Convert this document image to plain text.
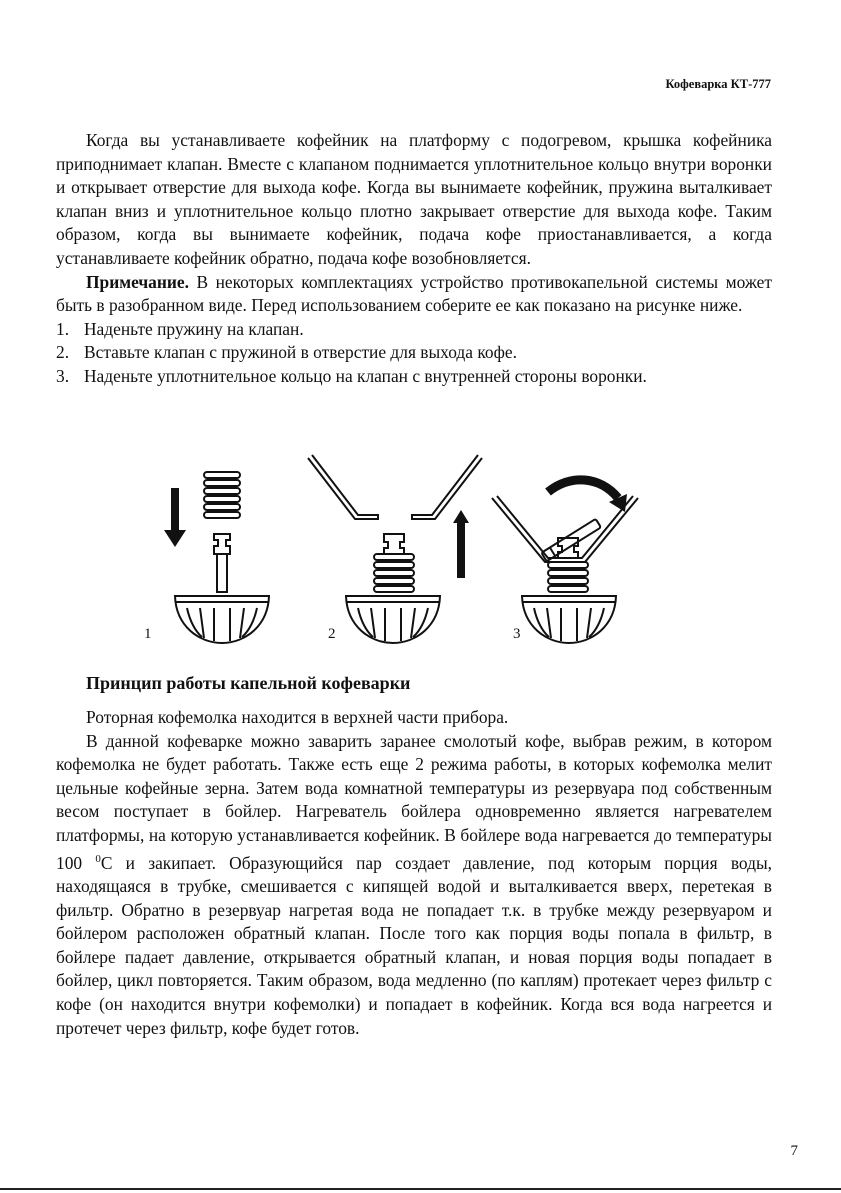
Кофеварка КТ-777

Когда вы устанавливаете кофейник на платформу с подогревом, крышка кофейника приподнимает клапан. Вместе с клапаном поднимается уплотнительное кольцо внутри воронки и открывает отверстие для выхода кофе. Когда вы вынимаете кофейник, пружина выталкивает клапан вниз и уплотнительное кольцо плотно закрывает отверстие для выхода кофе. Таким образом, когда вы вынимаете кофейник, подача кофе приостанавливается, а когда устанавливаете кофейник обратно, подача кофе возобновляется.

Примечание. В некоторых комплектациях устройство противокапельной системы может быть в разобранном виде. Перед использованием соберите ее как показано на рисунке ниже.

1. Наденьте пружину на клапан.
2. Вставьте клапан с пружиной в отверстие для выхода кофе.
3. Наденьте уплотнительное кольцо на клапан с внутренней стороны воронки.
1	2	3
Принцип работы капельной кофеварки

Роторная кофемолка находится в верхней части прибора.

В данной кофеварке можно заварить заранее смолотый кофе, выбрав режим, в котором кофемолка не будет работать. Также есть еще 2 режима работы, в которых кофемолка мелит цельные кофейные зерна. Затем вода комнатной температуры из резервуара под собственным весом поступает в бойлер. Нагреватель бойлера одновременно является нагревателем платформы, на которую устанавливается кофейник. В бойлере вода нагревается до температуры 100 $^0$С и закипает. Образующийся пар создает давление, под которым порция воды, находящаяся в трубке, смешивается с кипящей водой и выталкивается вверх, перетекая в фильтр. Обратно в резервуар нагретая вода не попадает т.к. в трубке между резервуаром и бойлером расположен обратный клапан. После того как порция воды попала в фильтр, в бойлере падает давление, открывается обратный клапан, и новая порция воды попадает в бойлер, цикл повторяется. Таким образом, вода медленно (по каплям) протекает через фильтр с кофе (он находится внутри кофемолки) и попадает в кофейник. Когда вся вода нагреется и протечет через фильтр, кофе будет готов.

7
